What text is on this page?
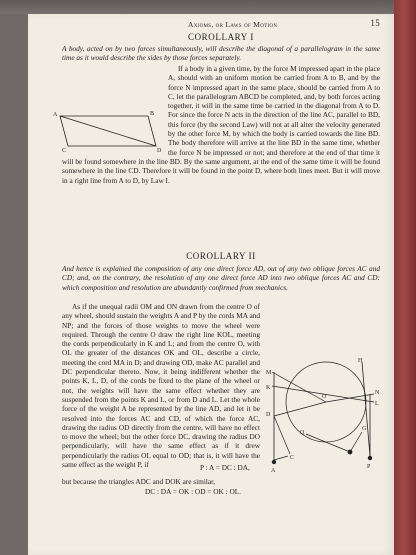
Axioms, or Laws of Motion	15
COROLLARY I
A body, acted on by two forces simultaneously, will describe the diagonal of a parallelogram in the same time as it would describe the sides by those forces separately.
A	B
C	D

If a body in a given time, by the force M impressed apart in the place A, should with an uniform motion be carried from A to B, and by the force N impressed apart in the same place, should be carried from A to C, let the parallelogram ABCD be completed, and, by both forces acting together, it will in the same time be carried in the diagonal from A to D. For since the force N acts in the direction of the line AC, parallel to BD, this force (by the second Law) will not at all alter the velocity generated by the other force M, by which the body is carried towards the line BD. The body therefore will arrive at the line BD in the same time, whether the force N be impressed or not; and therefore at the end of that time it will be found somewhere in the line BD. By the same argument, at the end of the same time it will be found somewhere in the line CD. Therefore it will be found in the point D, where both lines meet. But it will move in a right line from A to D, by Law I.

COROLLARY II
And hence is explained the composition of any one direct force AD, out of any two oblique forces AC and CD; and, on the contrary, the resolution of any one direct force AD into two oblique forces AC and CD: which composition and resolution are abundantly confirmed from mechanics.
M
K
D
O
H
N
L
Q
G
C
A
P

As if the unequal radii OM and ON drawn from the centre O of any wheel, should sustain the weights A and P by the cords MA and NP; and the forces of those weights to move the wheel were required. Through the centre O draw the right line KOL, meeting the cords perpendicularly in K and L; and from the centre O, with OL the greater of the distances OK and OL, describe a circle, meeting the cord MA in D; and drawing OD, make AC parallel and DC perpendicular thereto. Now, it being indifferent whether the points K, L, D, of the cords be fixed to the plane of the wheel or not, the weights will have the same effect whether they are suspended from the points K and L, or from D and L. Let the whole force of the weight A be represented by the line AD, and let it be resolved into the forces AC and CD, of which the force AC, drawing the radius OD directly from the centre, will have no effect to move the wheel; but the other force DC, drawing the radius DO perpendicularly, will have the same effect as if it drew perpendicularly the radius OL equal to OD; that is, it will have the same effect as the weight P, if	P : A = DC : DA,
but because the triangles ADC and DOK are similar,
DC : DA = OK : OD = OK : OL.
